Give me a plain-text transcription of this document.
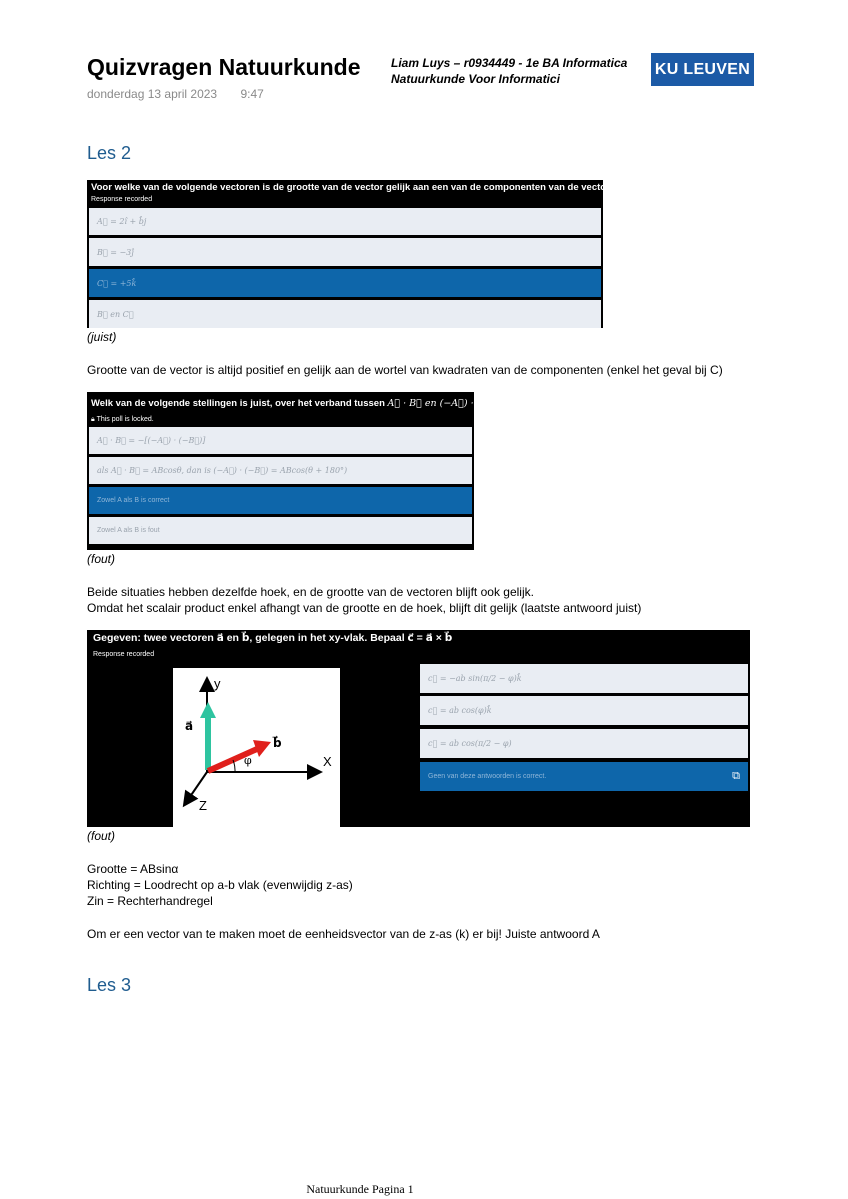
Quizvragen Natuurkunde
donderdag 13 april 2023 9:47
Liam Luys – r0934449 - 1e BA Informatica
Natuurkunde Voor Informatici
KU LEUVEN
Les 2
Voor welke van de volgende vectoren is de grootte van de vector gelijk aan een van de componenten van de vector?
Response recorded
A⃗ = 2î + b̂j
B⃗ = −3ĵ
C⃗ = +5k̂
B⃗ en C⃗
(juist)
Grootte van de vector is altijd positief en gelijk aan de wortel van kwadraten van de componenten (enkel het geval bij C)
Welk van de volgende stellingen is juist, over het verband tussen A⃗ · B⃗ en (−A⃗) · (−B⃗) ?
🔒︎ This poll is locked.
A⃗ · B⃗ = −[(−A⃗) · (−B⃗)]
als A⃗ · B⃗ = ABcosθ, dan is (−A⃗) · (−B⃗) = ABcos(θ + 180°)
Zowel A als B is correct
Zowel A als B is fout
(fout)
Beide situaties hebben dezelfde hoek, en de grootte van de vectoren blijft ook gelijk.
Omdat het scalair product enkel afhangt van de grootte en de hoek, blijft dit gelijk (laatste antwoord juist)
Gegeven: twee vectoren a⃗ en b⃗, gelegen in het xy-vlak. Bepaal c⃗ = a⃗ × b⃗
Response recorded
y
X
Z
a⃗
b⃗
φ
c⃗ = −ab sin(π/2 − φ)k̂
c⃗ = ab cos(φ)k̂
c⃗ = ab cos(π/2 − φ)
Geen van deze antwoorden is correct.	⧉
(fout)
Grootte = ABsinα
Richting = Loodrecht op a-b vlak (evenwijdig z-as)
Zin = Rechterhandregel
Om er een vector van te maken moet de eenheidsvector van de z-as (k) er bij! Juiste antwoord A
Les 3
Natuurkunde Pagina 1
